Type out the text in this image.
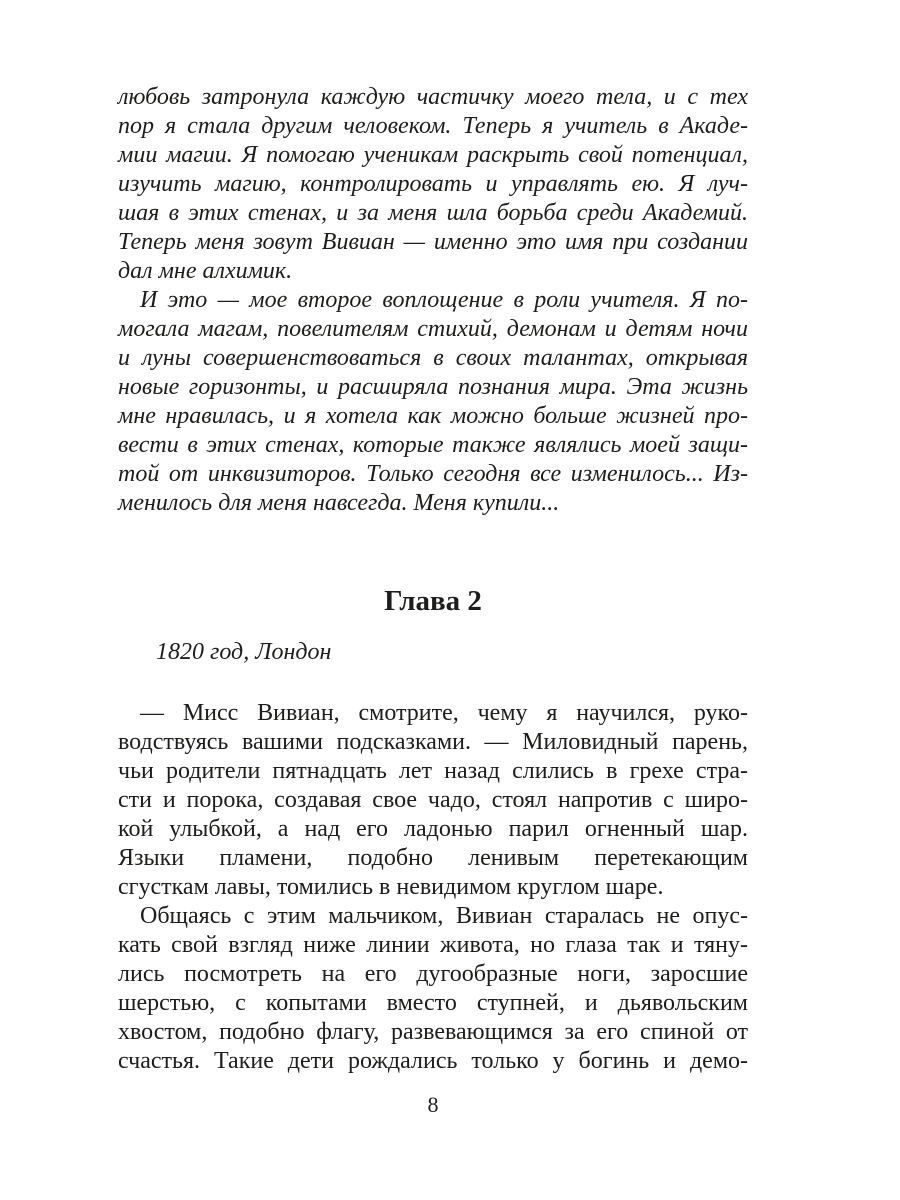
любовь затронула каждую частичку моего тела, и с тех
пор я стала другим человеком. Теперь я учитель в Акаде-
мии магии. Я помогаю ученикам раскрыть свой потенциал,
изучить магию, контролировать и управлять ею. Я луч-
шая в этих стенах, и за меня шла борьба среди Академий.
Теперь меня зовут Вивиан — именно это имя при создании
дал мне алхимик.
И это — мое второе воплощение в роли учителя. Я по-
могала магам, повелителям стихий, демонам и детям ночи
и луны совершенствоваться в своих талантах, открывая
новые горизонты, и расширяла познания мира. Эта жизнь
мне нравилась, и я хотела как можно больше жизней про-
вести в этих стенах, которые также являлись моей защи-
той от инквизиторов. Только сегодня все изменилось... Из-
менилось для меня навсегда. Меня купили...
Глава 2
1820 год, Лондон
— Мисс Вивиан, смотрите, чему я научился, руко-
водствуясь вашими подсказками. — Миловидный парень,
чьи родители пятнадцать лет назад слились в грехе стра-
сти и порока, создавая свое чадо, стоял напротив с широ-
кой улыбкой, а над его ладонью парил огненный шар.
Языки пламени, подобно ленивым перетекающим
сгусткам лавы, томились в невидимом круглом шаре.
Общаясь с этим мальчиком, Вивиан старалась не опус-
кать свой взгляд ниже линии живота, но глаза так и тяну-
лись посмотреть на его дугообразные ноги, заросшие
шерстью, с копытами вместо ступней, и дьявольским
хвостом, подобно флагу, развевающимся за его спиной от
счастья. Такие дети рождались только у богинь и демо-
8
